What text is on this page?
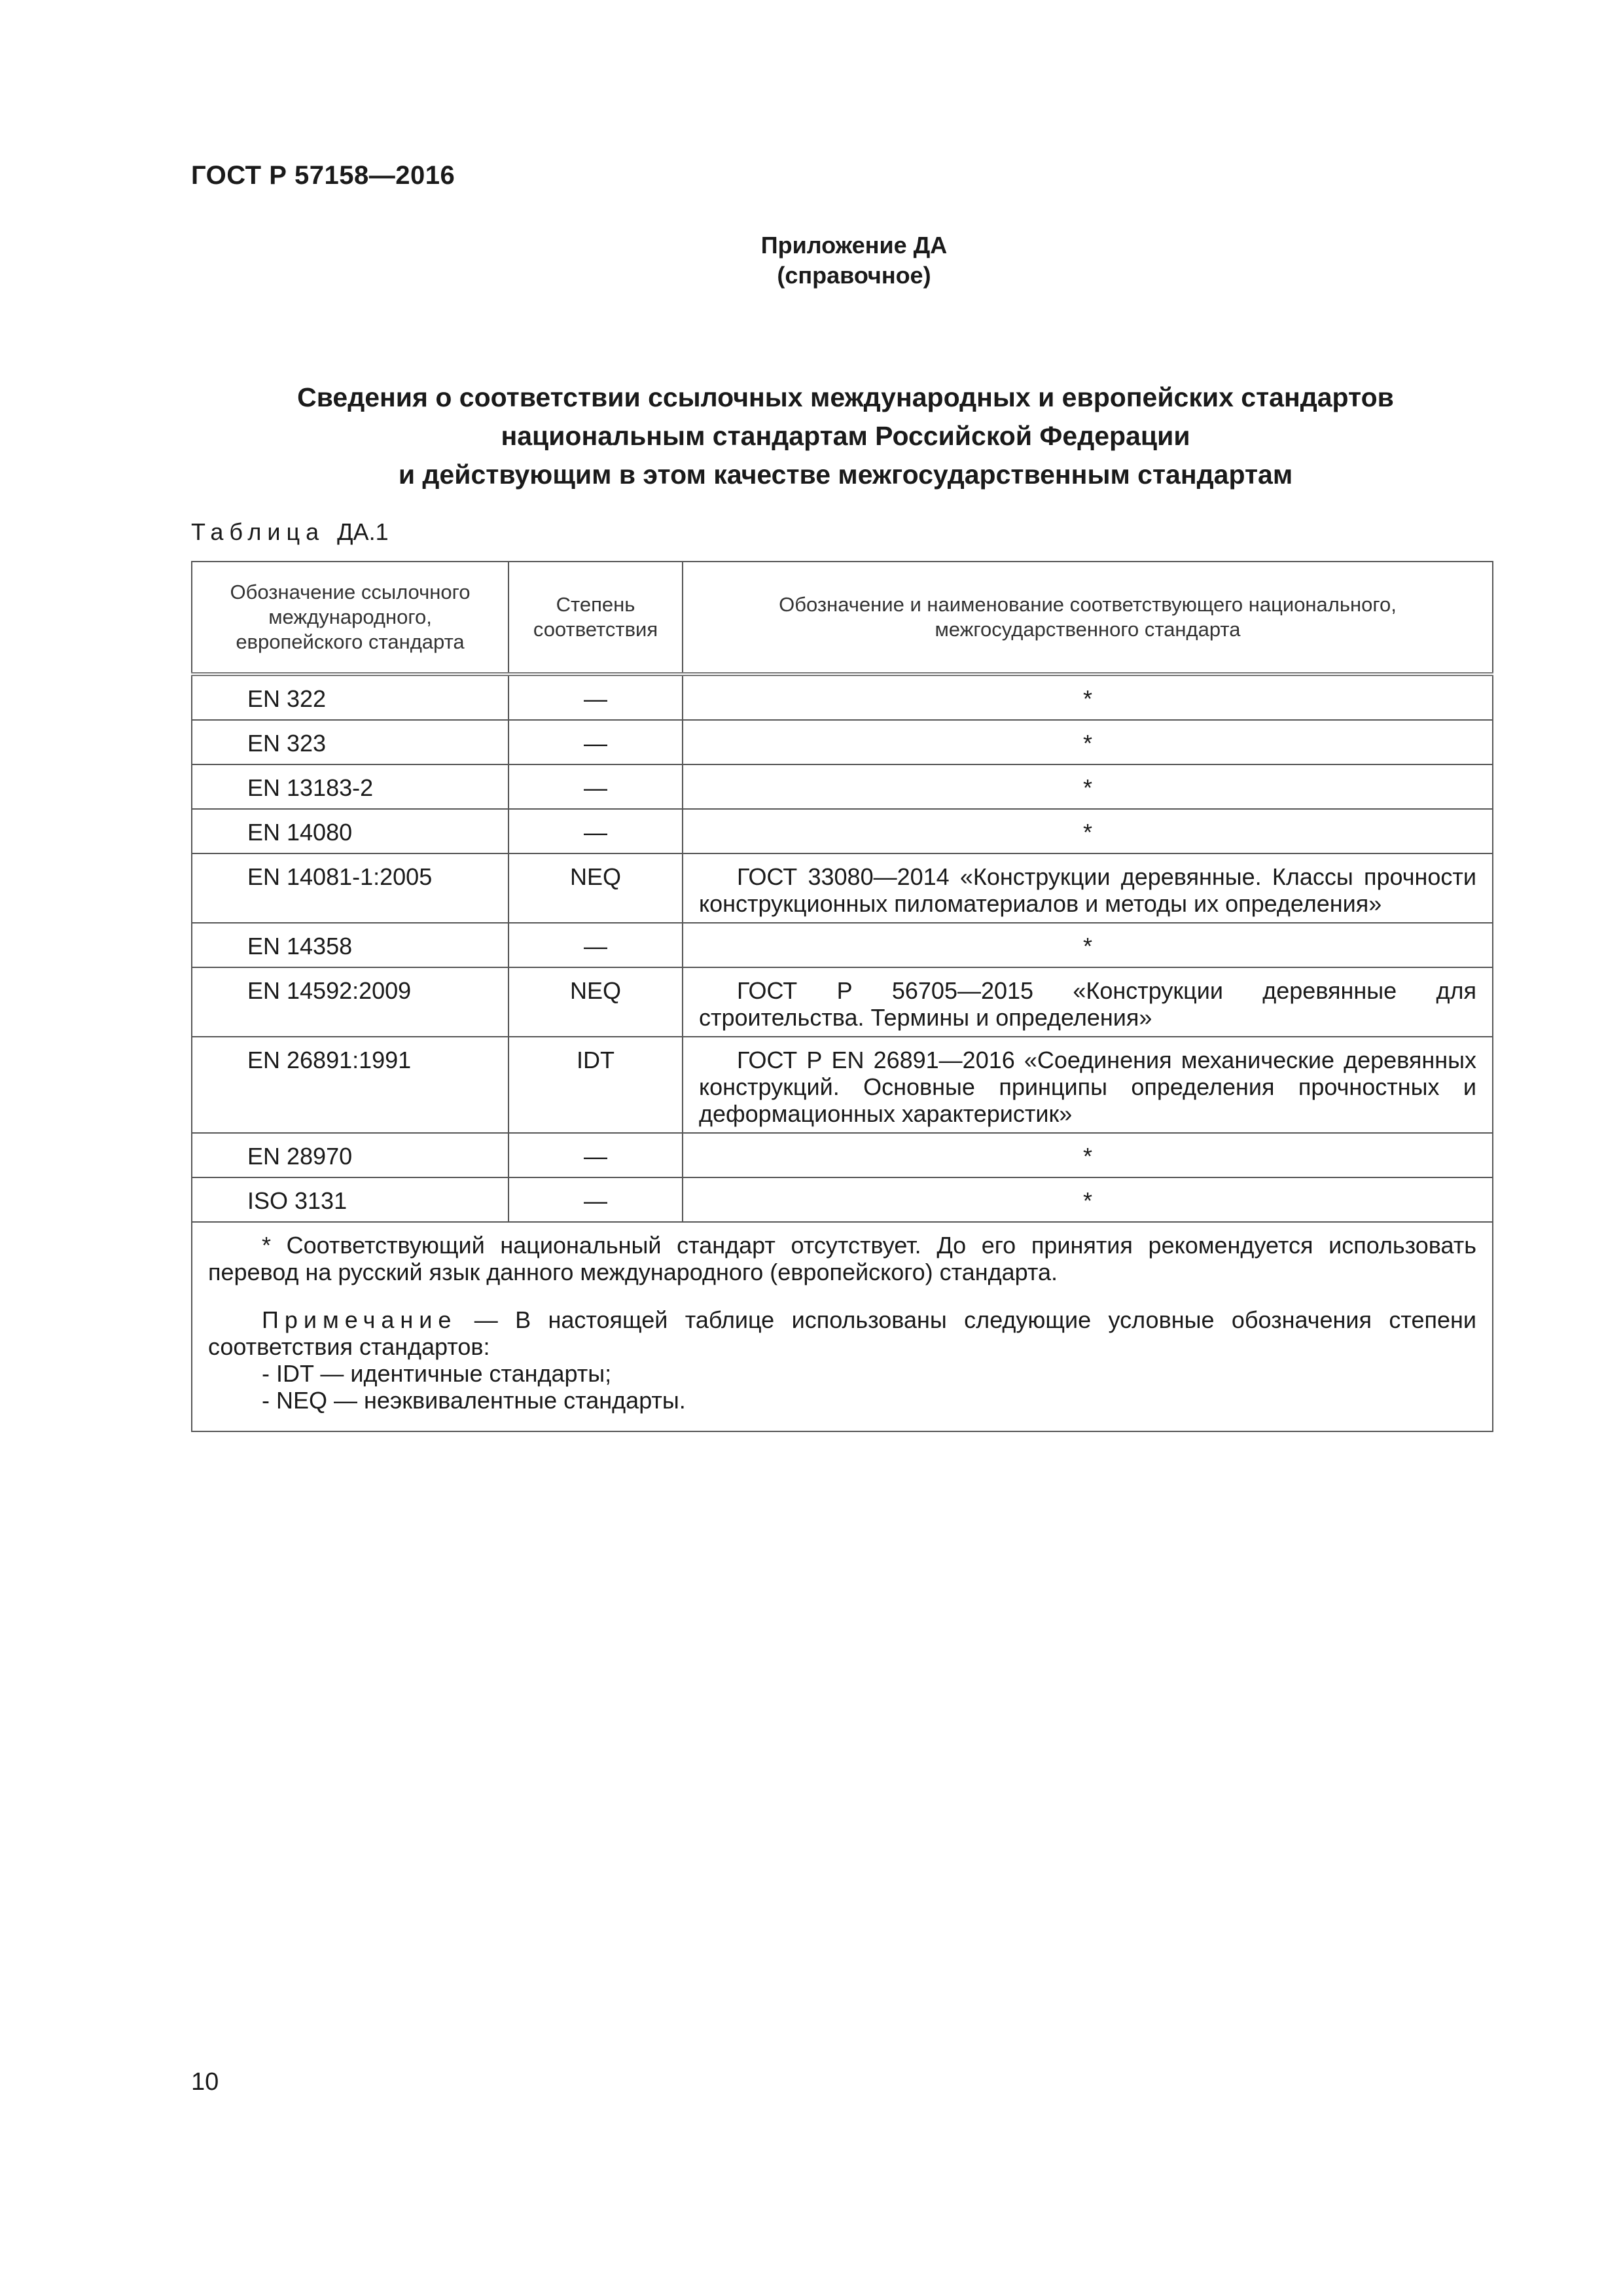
ГОСТ Р 57158—2016
Приложение ДА
(справочное)
Сведения о соответствии ссылочных международных и европейских стандартов
национальным стандартам Российской Федерации
и действующим в этом качестве межгосударственным стандартам
Таблица ДА.1
Обозначение ссылочного международного, европейского стандарта	Степень соответствия	Обозначение и наименование соответствующего национального, межгосударственного стандарта
EN 322	—	*
EN 323	—	*
EN 13183-2	—	*
EN 14080	—	*
EN 14081-1:2005	NEQ	ГОСТ 33080—2014 «Конструкции деревянные. Классы прочности конструкционных пиломатериалов и методы их определения»
EN 14358	—	*
EN 14592:2009	NEQ	ГОСТ Р 56705—2015 «Конструкции деревянные для строительства. Термины и определения»
EN 26891:1991	IDT	ГОСТ Р EN 26891—2016 «Соединения механические деревянных конструкций. Основные принципы определения прочностных и деформационных характеристик»
EN 28970	—	*
ISO 3131	—	*

* Соответствующий национальный стандарт отсутствует. До его принятия рекомендуется использовать перевод на русский язык данного международного (европейского) стандарта.
Примечание — В настоящей таблице использованы следующие условные обозначения степени соответствия стандартов:
- IDT — идентичные стандарты;
- NEQ — неэквивалентные стандарты.		
10
